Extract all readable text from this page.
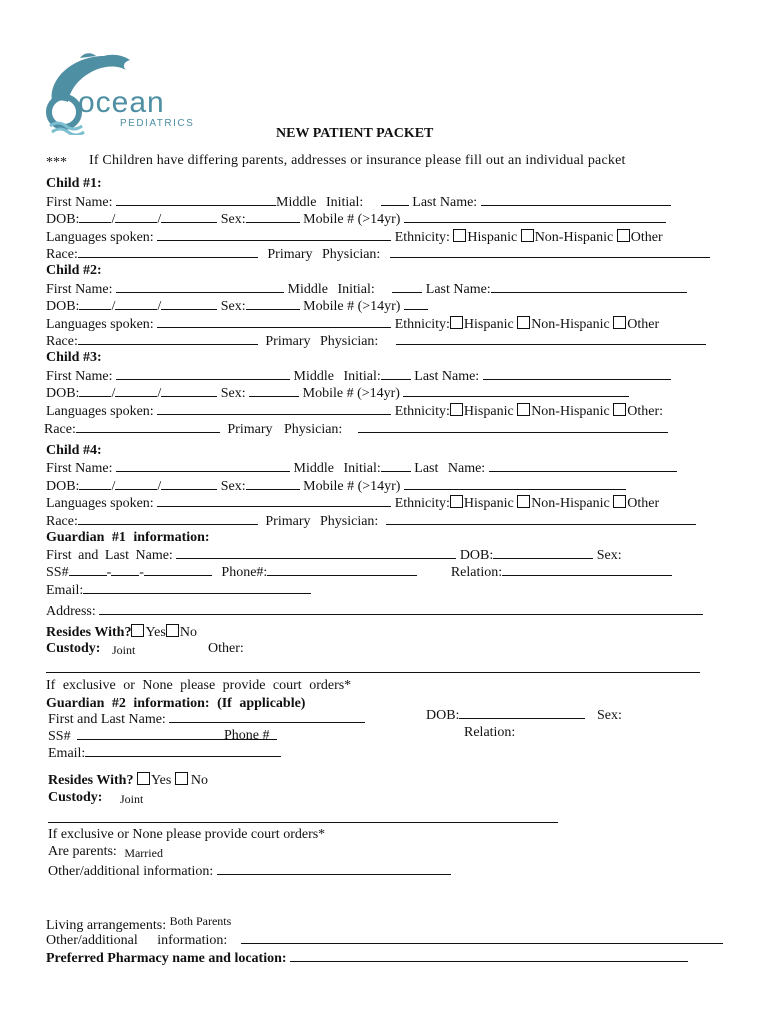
ocean
PEDIATRICS
NEW PATIENT PACKET
*** If Children have differing parents, addresses or insurance please fill out an individual packet
Child #1:
First Name:	Middle Initial:	Last Name:
DOB: /	/	Sex:	Mobile # (>14yr)
Languages spoken:	Ethnicity: Hispanic Non-Hispanic Other
Race:	Primary Physician:
Child #2:
First Name:	Middle Initial:	Last Name:
DOB: /	/	Sex:	Mobile # (>14yr)
Languages spoken:	Ethnicity: Hispanic Non-Hispanic Other
Race:	Primary Physician:
Child #3:
First Name:	Middle Initial: Last Name:
DOB: /	/	Sex:	Mobile # (>14yr)
Languages spoken:	Ethnicity: Hispanic Non-Hispanic Other:
Race:	Primary Physician:
Child #4:
First Name:	Middle Initial: Last Name:
DOB: /	/	Sex:	Mobile # (>14yr)
Languages spoken:	Ethnicity: Hispanic Non-Hispanic Other
Race:	Primary Physician:
Guardian #1 information:
First and Last Name:	DOB:	Sex:
SS#	- -	Phone#:	Relation:
Email:
Address:
Resides With? Yes No
Custody: Joint	Other:
If exclusive or None please provide court orders*
Guardian #2 information: (If applicable)
First and Last Name:	DOB:	Sex:
SS#	Phone #	Relation:
Email:
Resides With? Yes No
Custody: Joint
If exclusive or None please provide court orders*
Are parents: Married
Other/additional information:
Living arrangements: Both Parents
Other/additional information:
Preferred Pharmacy name and location:
